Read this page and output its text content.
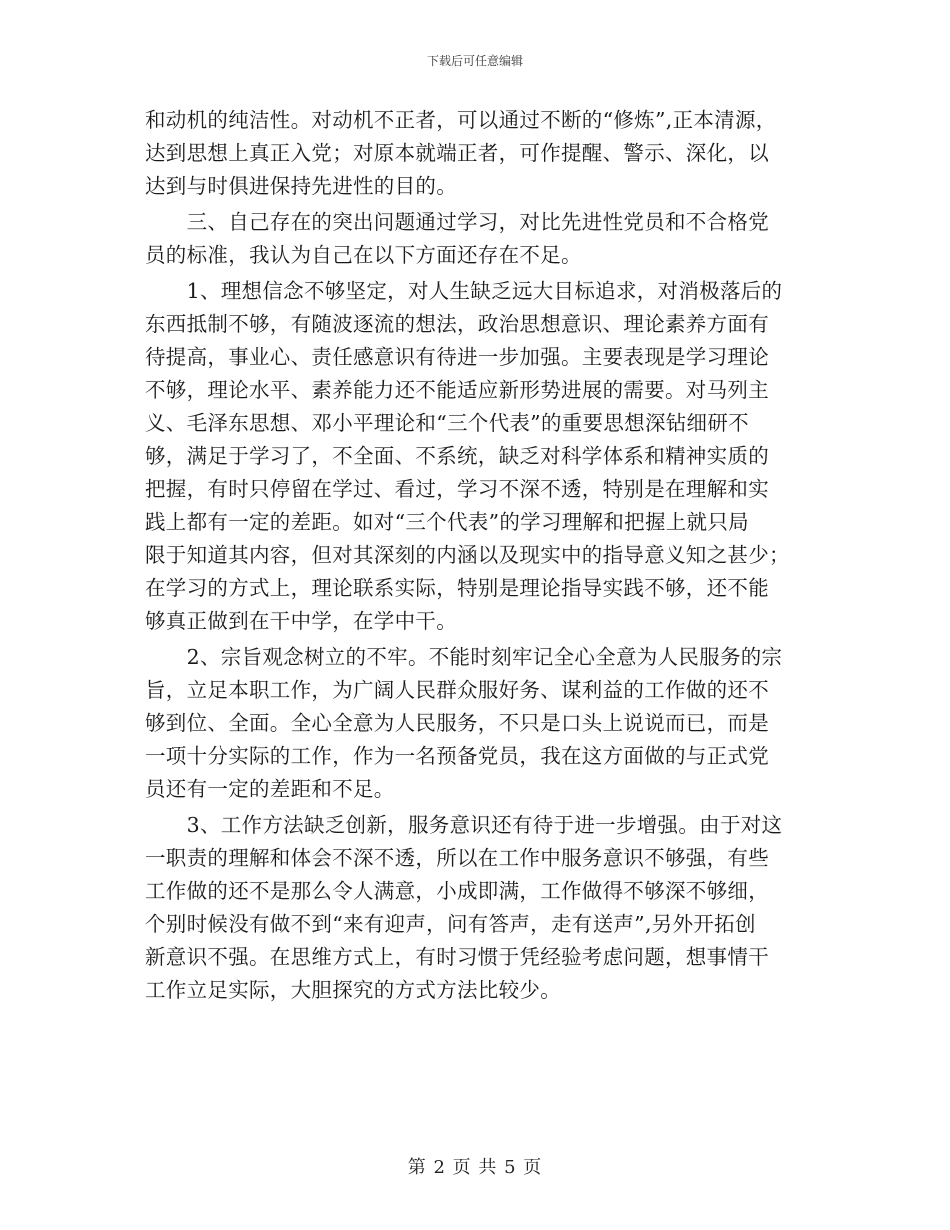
下载后可任意编辑
和动机的纯洁性。对动机不正者，可以通过不断的“修炼”,正本清源，
达到思想上真正入党；对原本就端正者，可作提醒、警示、深化，以
达到与时俱进保持先进性的目的。
　　三、自己存在的突出问题通过学习，对比先进性党员和不合格党
员的标准，我认为自己在以下方面还存在不足。
　　1、理想信念不够坚定，对人生缺乏远大目标追求，对消极落后的
东西抵制不够，有随波逐流的想法，政治思想意识、理论素养方面有
待提高，事业心、责任感意识有待进一步加强。主要表现是学习理论
不够，理论水平、素养能力还不能适应新形势进展的需要。对马列主
义、毛泽东思想、邓小平理论和“三个代表”的重要思想深钻细研不
够，满足于学习了，不全面、不系统，缺乏对科学体系和精神实质的
把握，有时只停留在学过、看过，学习不深不透，特别是在理解和实
践上都有一定的差距。如对“三个代表”的学习理解和把握上就只局
限于知道其内容，但对其深刻的内涵以及现实中的指导意义知之甚少；
在学习的方式上，理论联系实际，特别是理论指导实践不够，还不能
够真正做到在干中学，在学中干。
　　2、宗旨观念树立的不牢。不能时刻牢记全心全意为人民服务的宗
旨，立足本职工作，为广阔人民群众服好务、谋利益的工作做的还不
够到位、全面。全心全意为人民服务，不只是口头上说说而已，而是
一项十分实际的工作，作为一名预备党员，我在这方面做的与正式党
员还有一定的差距和不足。
　　3、工作方法缺乏创新，服务意识还有待于进一步增强。由于对这
一职责的理解和体会不深不透，所以在工作中服务意识不够强，有些
工作做的还不是那么令人满意，小成即满，工作做得不够深不够细，
个别时候没有做不到“来有迎声，问有答声，走有送声”,另外开拓创
新意识不强。在思维方式上，有时习惯于凭经验考虑问题，想事情干
工作立足实际，大胆探究的方式方法比较少。
第 2 页 共 5 页
